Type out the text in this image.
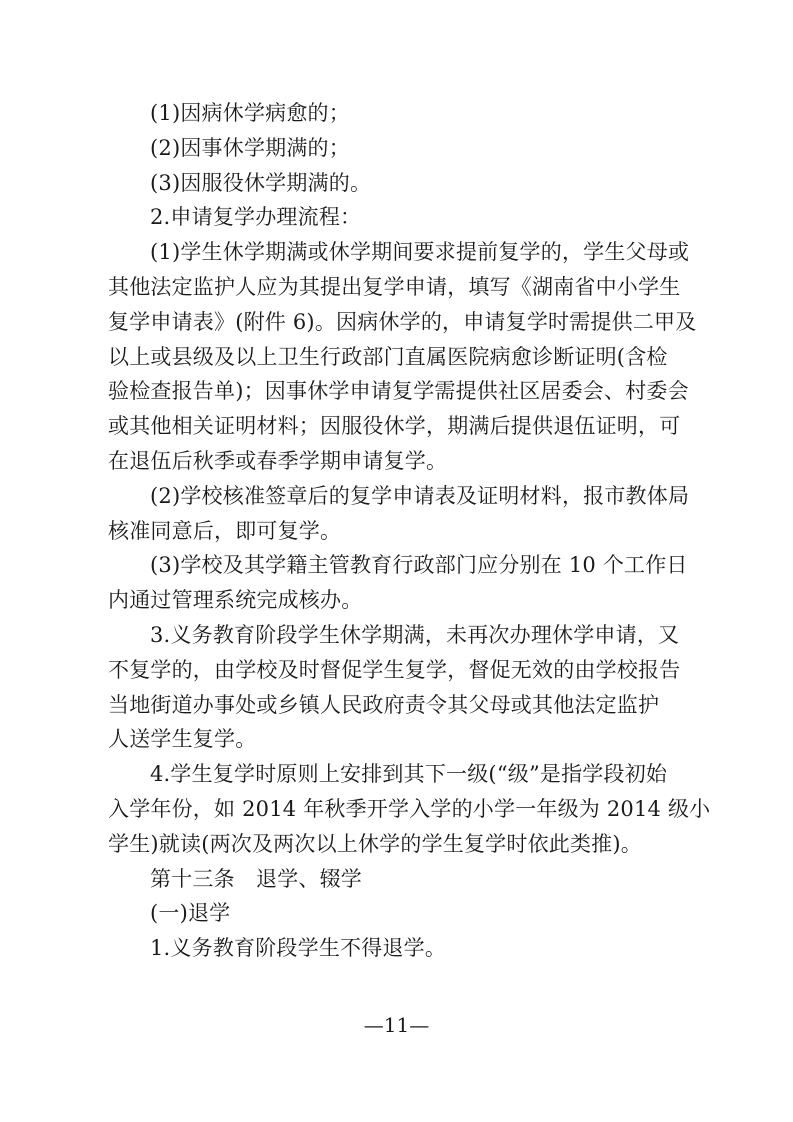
(1)因病休学病愈的；

(2)因事休学期满的；

(3)因服役休学期满的。

2.申请复学办理流程：

(1)学生休学期满或休学期间要求提前复学的，学生父母或

其他法定监护人应为其提出复学申请，填写《湖南省中小学生

复学申请表》(附件 6)。因病休学的，申请复学时需提供二甲及

以上或县级及以上卫生行政部门直属医院病愈诊断证明(含检

验检查报告单)；因事休学申请复学需提供社区居委会、村委会

或其他相关证明材料；因服役休学，期满后提供退伍证明，可

在退伍后秋季或春季学期申请复学。

(2)学校核准签章后的复学申请表及证明材料，报市教体局

核准同意后，即可复学。

(3)学校及其学籍主管教育行政部门应分别在 10 个工作日

内通过管理系统完成核办。

3.义务教育阶段学生休学期满，未再次办理休学申请，又

不复学的，由学校及时督促学生复学，督促无效的由学校报告

当地街道办事处或乡镇人民政府责令其父母或其他法定监护

人送学生复学。

4.学生复学时原则上安排到其下一级(“级”是指学段初始

入学年份，如 2014 年秋季开学入学的小学一年级为 2014 级小

学生)就读(两次及两次以上休学的学生复学时依此类推)。

第十三条　退学、辍学

(一)退学

1.义务教育阶段学生不得退学。

—11—
